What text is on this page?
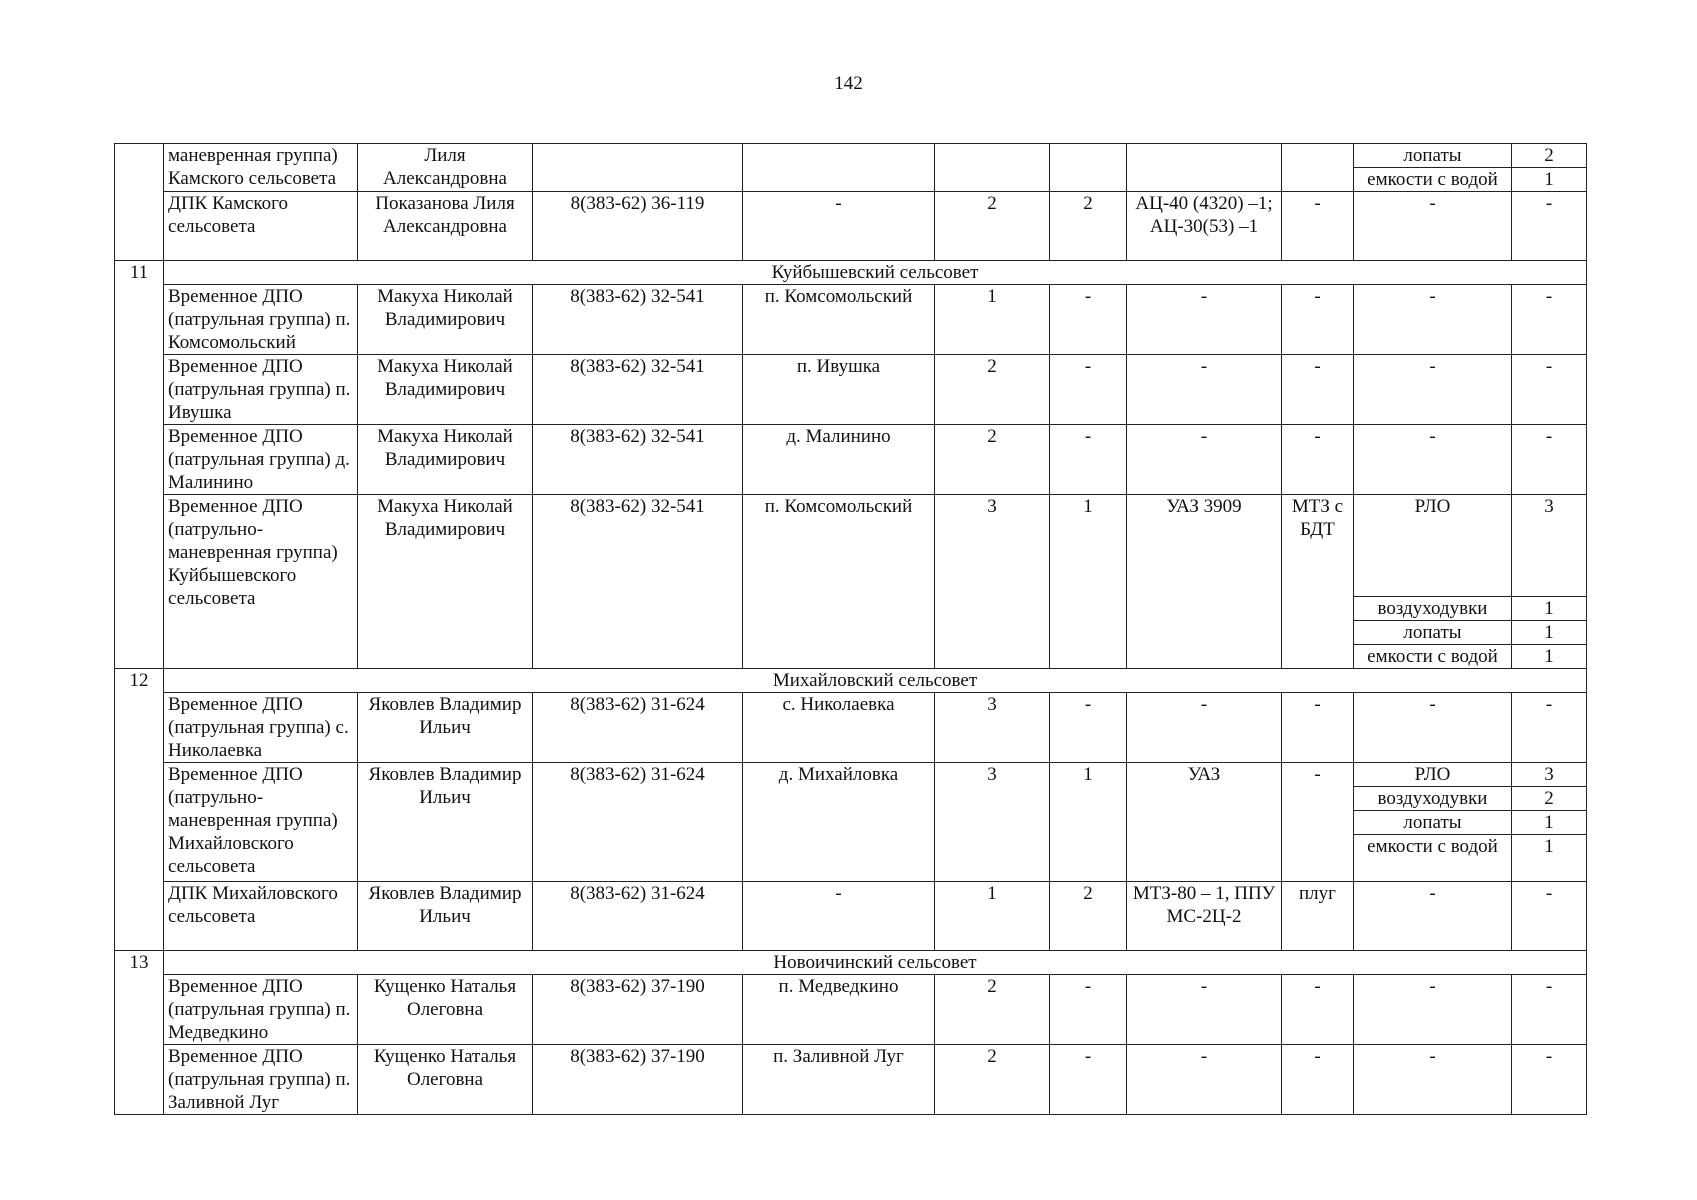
142
	маневренная группа) Камского сельсовета	Лиля Александровна							лопаты	2
									емкости с водой	1
	ДПК Камского сельсовета	Показанова Лиля Александровна	8(383-62) 36-119	-	2	2	АЦ-40 (4320) –1; АЦ-30(53) –1	-	-	-
11	Куйбышевский сельсовет									
	Временное ДПО (патрульная группа) п. Комсомольский	Макуха Николай Владимирович	8(383-62) 32-541	п. Комсомольский	1	-	-	-	-	-
	Временное ДПО (патрульная группа) п. Ивушка	Макуха Николай Владимирович	8(383-62) 32-541	п. Ивушка	2	-	-	-	-	-
	Временное ДПО (патрульная группа) д. Малинино	Макуха Николай Владимирович	8(383-62) 32-541	д. Малинино	2	-	-	-	-	-
	Временное ДПО (патрульно- маневренная группа) Куйбышевского сельсовета	Макуха Николай Владимирович	8(383-62) 32-541	п. Комсомольский	3	1	УАЗ 3909	МТЗ с БДТ	РЛО	3
									воздуходувки	1
									лопаты	1
									емкости с водой	1
12	Михайловский сельсовет									
	Временное ДПО (патрульная группа) с. Николаевка	Яковлев Владимир Ильич	8(383-62) 31-624	с. Николаевка	3	-	-	-	-	-
	Временное ДПО (патрульно- маневренная группа) Михайловского сельсовета	Яковлев Владимир Ильич	8(383-62) 31-624	д. Михайловка	3	1	УАЗ	-	РЛО	3
									воздуходувки	2
									лопаты	1
									емкости с водой	1
	ДПК Михайловского сельсовета	Яковлев Владимир Ильич	8(383-62) 31-624	-	1	2	МТЗ-80 – 1, ППУ МС-2Ц-2	плуг	-	-
13	Новоичинский сельсовет									
	Временное ДПО (патрульная группа) п. Медведкино	Кущенко Наталья Олеговна	8(383-62) 37-190	п. Медведкино	2	-	-	-	-	-
	Временное ДПО (патрульная группа) п. Заливной Луг	Кущенко Наталья Олеговна	8(383-62) 37-190	п. Заливной Луг	2	-	-	-	-	-
